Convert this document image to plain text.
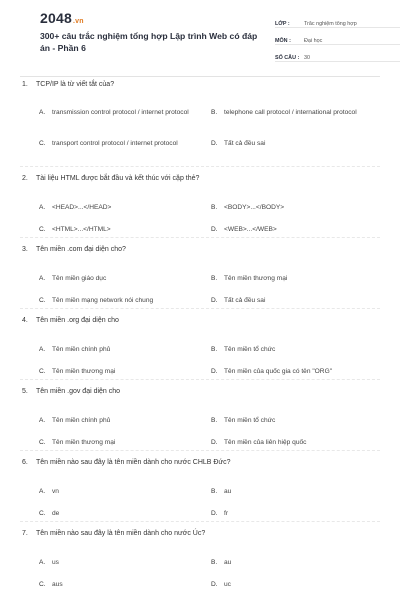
2048.vn
300+ câu trắc nghiệm tổng hợp Lập trình Web có đáp án - Phần 6
LỚP :	Trắc nghiệm tổng hợp
MÔN :	Đại học
SỐ CÂU : 30
1.	TCP/IP là từ viết tắt của?
A.	transmission control protocol / internet protocol	B.	telephone call protocol / international protocol
C. transport control protocol / internet protocol	D. Tất cả đều sai
2.	Tài liệu HTML được bắt đầu và kết thúc với cặp thẻ?
A.	<HEAD>...</HEAD>	B.	<BODY>...</BODY>
C. <HTML>...</HTML>	D. <WEB>...</WEB>
3.	Tên miền .com đại diện cho?
A.	Tên miền giáo dục	B.	Tên miền thương mại
C. Tên miền mạng network nói chung	D. Tất cả đều sai
4.	Tên miền .org đại diện cho
A.	Tên miền chính phủ	B.	Tên miền tổ chức
C. Tên miền thương mại	D. Tên miền của quốc gia có tên "ORG"
5.	Tên miền .gov đại diện cho
A.	Tên miền chính phủ	B.	Tên miền tổ chức
C. Tên miền thương mại	D. Tên miền của liên hiệp quốc
6.	Tên miền nào sau đây là tên miền dành cho nước CHLB Đức?
A.	vn	B.	au
C. de	D. fr
7.	Tên miền nào sau đây là tên miền dành cho nước Úc?
A.	us	B.	au
C. aus	D. uc
